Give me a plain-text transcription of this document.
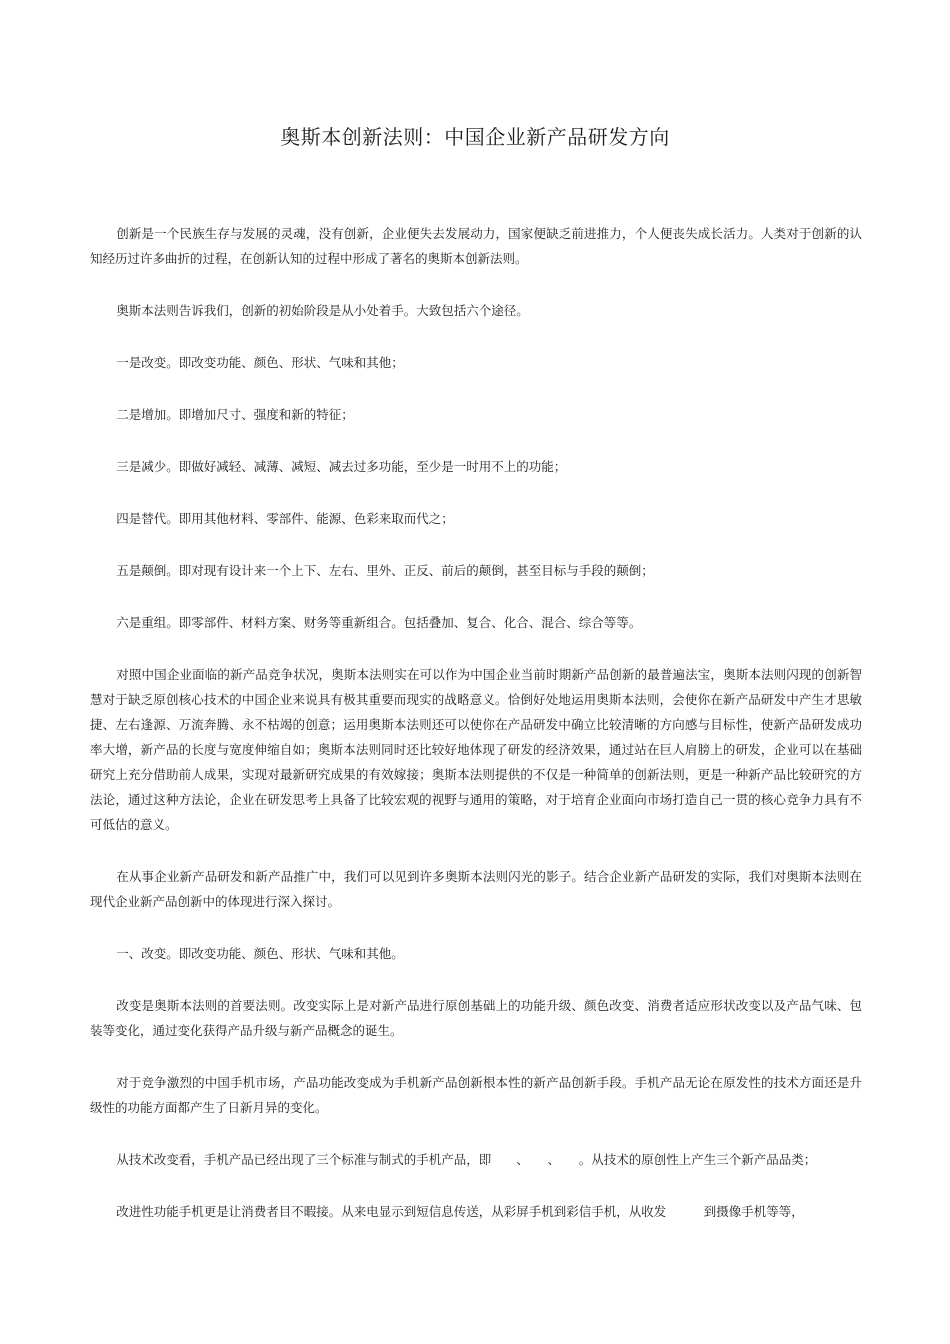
奥斯本创新法则：中国企业新产品研发方向

创新是一个民族生存与发展的灵魂，没有创新，企业便失去发展动力，国家便缺乏前进推力，个人便丧失成长活力。人类对于创新的认知经历过许多曲折的过程，在创新认知的过程中形成了著名的奥斯本创新法则。

奥斯本法则告诉我们，创新的初始阶段是从小处着手。大致包括六个途径。

一是改变。即改变功能、颜色、形状、气味和其他；

二是增加。即增加尺寸、强度和新的特征；

三是减少。即做好减轻、减薄、减短、减去过多功能，至少是一时用不上的功能；

四是替代。即用其他材料、零部件、能源、色彩来取而代之；

五是颠倒。即对现有设计来一个上下、左右、里外、正反、前后的颠倒，甚至目标与手段的颠倒；

六是重组。即零部件、材料方案、财务等重新组合。包括叠加、复合、化合、混合、综合等等。

对照中国企业面临的新产品竞争状况，奥斯本法则实在可以作为中国企业当前时期新产品创新的最普遍法宝，奥斯本法则闪现的创新智慧对于缺乏原创核心技术的中国企业来说具有极其重要而现实的战略意义。恰倒好处地运用奥斯本法则，会使你在新产品研发中产生才思敏捷、左右逢源、万流奔腾、永不枯竭的创意；运用奥斯本法则还可以使你在产品研发中确立比较清晰的方向感与目标性，使新产品研发成功率大增，新产品的长度与宽度伸缩自如；奥斯本法则同时还比较好地体现了研发的经济效果，通过站在巨人肩膀上的研发，企业可以在基础研究上充分借助前人成果，实现对最新研究成果的有效嫁接；奥斯本法则提供的不仅是一种简单的创新法则，更是一种新产品比较研究的方法论，通过这种方法论，企业在研发思考上具备了比较宏观的视野与通用的策略，对于培育企业面向市场打造自己一贯的核心竞争力具有不可低估的意义。

在从事企业新产品研发和新产品推广中，我们可以见到许多奥斯本法则闪光的影子。结合企业新产品研发的实际，我们对奥斯本法则在现代企业新产品创新中的体现进行深入探讨。

一、改变。即改变功能、颜色、形状、气味和其他。

改变是奥斯本法则的首要法则。改变实际上是对新产品进行原创基础上的功能升级、颜色改变、消费者适应形状改变以及产品气味、包装等变化，通过变化获得产品升级与新产品概念的诞生。

对于竞争激烈的中国手机市场，产品功能改变成为手机新产品创新根本性的新产品创新手段。手机产品无论在原发性的技术方面还是升级性的功能方面都产生了日新月异的变化。

从技术改变看，手机产品已经出现了三个标准与制式的手机产品，即　　、　　、　　。从技术的原创性上产生三个新产品品类；

改进性功能手机更是让消费者目不暇接。从来电显示到短信息传送，从彩屏手机到彩信手机，从收发　　　到摄像手机等等，
